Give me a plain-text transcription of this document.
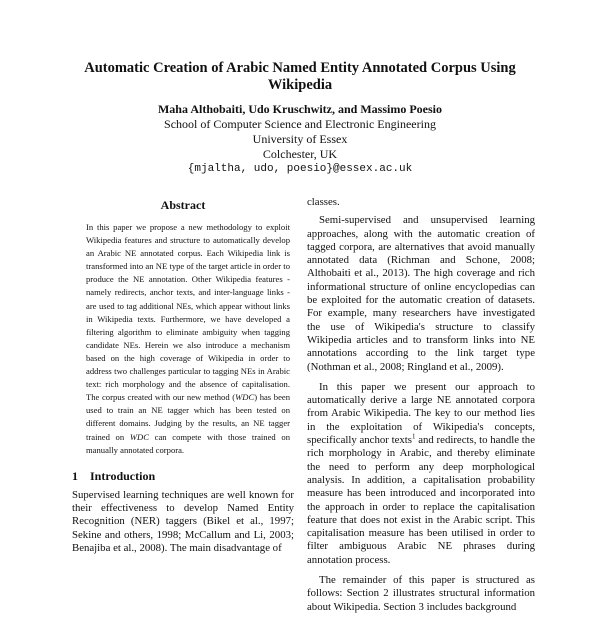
Automatic Creation of Arabic Named Entity Annotated Corpus Using
Wikipedia
Maha Althobaiti, Udo Kruschwitz, and Massimo Poesio
School of Computer Science and Electronic Engineering
University of Essex
Colchester, UK
{mjaltha, udo, poesio}@essex.ac.uk
Abstract

In this paper we propose a new methodology to exploit Wikipedia features and structure to automatically develop an Arabic NE annotated corpus. Each Wikipedia link is transformed into an NE type of the target article in order to produce the NE annotation. Other Wikipedia features - namely redirects, anchor texts, and inter-language links - are used to tag additional NEs, which appear without links in Wikipedia texts. Furthermore, we have developed a filtering algorithm to eliminate ambiguity when tagging candidate NEs. Herein we also introduce a mechanism based on the high coverage of Wikipedia in order to address two challenges particular to tagging NEs in Arabic text: rich morphology and the absence of capitalisation. The corpus created with our new method (WDC) has been used to train an NE tagger which has been tested on different domains. Judging by the results, an NE tagger trained on WDC can compete with those trained on manually annotated corpora.

1 Introduction

Supervised learning techniques are well known for their effectiveness to develop Named Entity Recognition (NER) taggers (Bikel et al., 1997; Sekine and others, 1998; McCallum and Li, 2003; Benajiba et al., 2008). The main disadvantage of

classes.

Semi-supervised and unsupervised learning approaches, along with the automatic creation of tagged corpora, are alternatives that avoid manually annotated data (Richman and Schone, 2008; Althobaiti et al., 2013). The high coverage and rich informational structure of online encyclopedias can be exploited for the automatic creation of datasets. For example, many researchers have investigated the use of Wikipedia's structure to classify Wikipedia articles and to transform links into NE annotations according to the link target type (Nothman et al., 2008; Ringland et al., 2009).

In this paper we present our approach to automatically derive a large NE annotated corpora from Arabic Wikipedia. The key to our method lies in the exploitation of Wikipedia's concepts, specifically anchor texts$^1$ and redirects, to handle the rich morphology in Arabic, and thereby eliminate the need to perform any deep morphological analysis. In addition, a capitalisation probability measure has been introduced and incorporated into the approach in order to replace the capitalisation feature that does not exist in the Arabic script. This capitalisation measure has been utilised in order to filter ambiguous Arabic NE phrases during annotation process.

The remainder of this paper is structured as follows: Section 2 illustrates structural information about Wikipedia. Section 3 includes background
